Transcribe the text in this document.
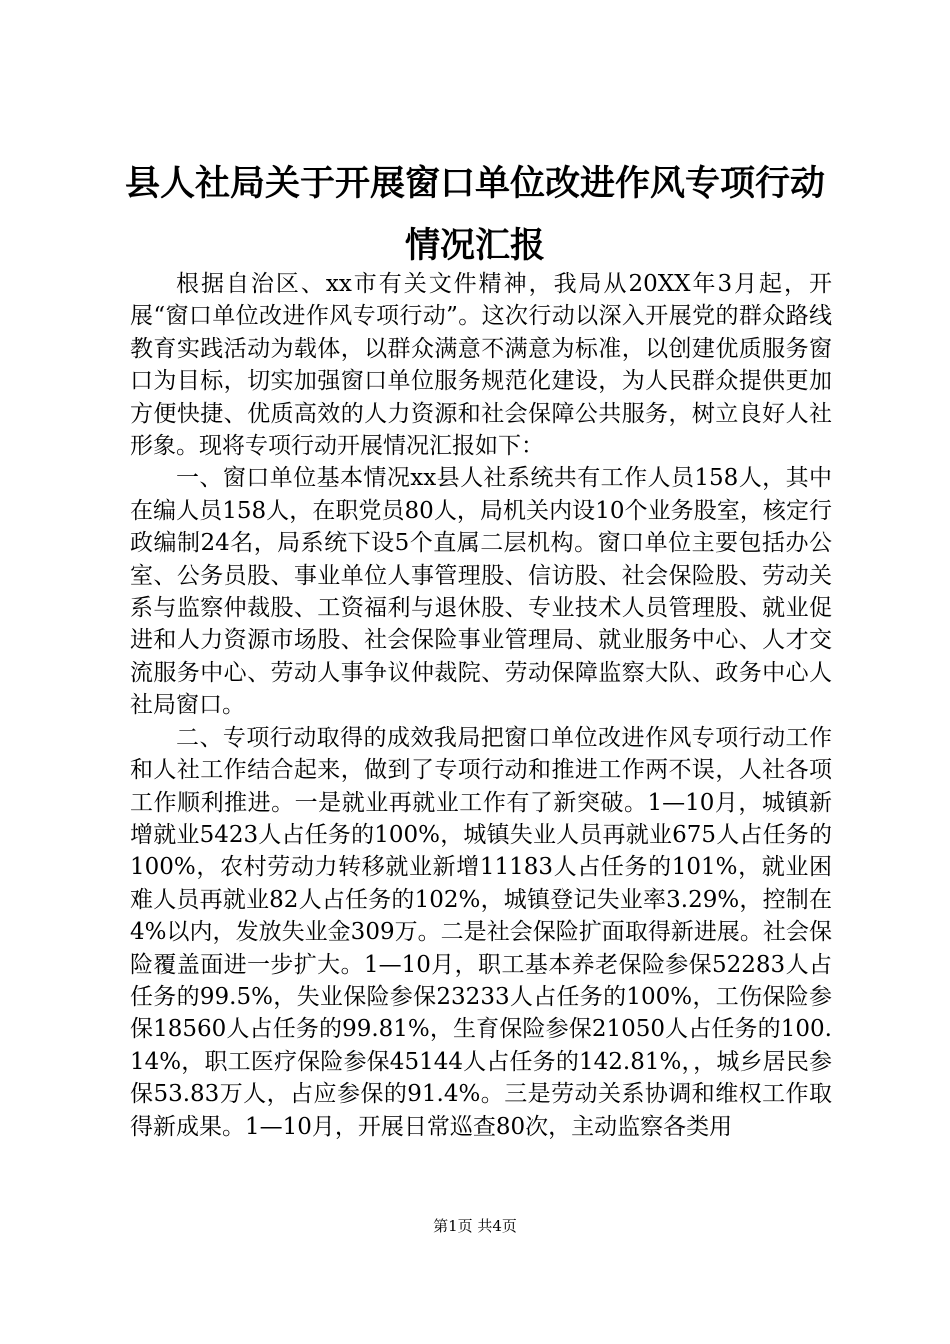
县人社局关于开展窗口单位改进作风专项行动
情况汇报

根据自治区、xx市有关文件精神，我局从20XX年3月起，开展“窗口单位改进作风专项行动”。这次行动以深入开展党的群众路线教育实践活动为载体，以群众满意不满意为标准，以创建优质服务窗口为目标，切实加强窗口单位服务规范化建设，为人民群众提供更加方便快捷、优质高效的人力资源和社会保障公共服务，树立良好人社形象。现将专项行动开展情况汇报如下：

一、窗口单位基本情况xx县人社系统共有工作人员158人，其中在编人员158人，在职党员80人，局机关内设10个业务股室，核定行政编制24名，局系统下设5个直属二层机构。窗口单位主要包括办公室、公务员股、事业单位人事管理股、信访股、社会保险股、劳动关系与监察仲裁股、工资福利与退休股、专业技术人员管理股、就业促进和人力资源市场股、社会保险事业管理局、就业服务中心、人才交流服务中心、劳动人事争议仲裁院、劳动保障监察大队、政务中心人社局窗口。

二、专项行动取得的成效我局把窗口单位改进作风专项行动工作和人社工作结合起来，做到了专项行动和推进工作两不误，人社各项工作顺利推进。一是就业再就业工作有了新突破。1—10月，城镇新增就业5423人占任务的100%，城镇失业人员再就业675人占任务的100%，农村劳动力转移就业新增11183人占任务的101%，就业困难人员再就业82人占任务的102%，城镇登记失业率3.29%，控制在4%以内，发放失业金309万。二是社会保险扩面取得新进展。社会保险覆盖面进一步扩大。1—10月，职工基本养老保险参保52283人占任务的99.5%，失业保险参保23233人占任务的100%，工伤保险参保18560人占任务的99.81%，生育保险参保21050人占任务的100.14%，职工医疗保险参保45144人占任务的142.81%，，城乡居民参保53.83万人，占应参保的91.4%。三是劳动关系协调和维权工作取得新成果。1—10月，开展日常巡查80次，主动监察各类用

第1页 共4页
